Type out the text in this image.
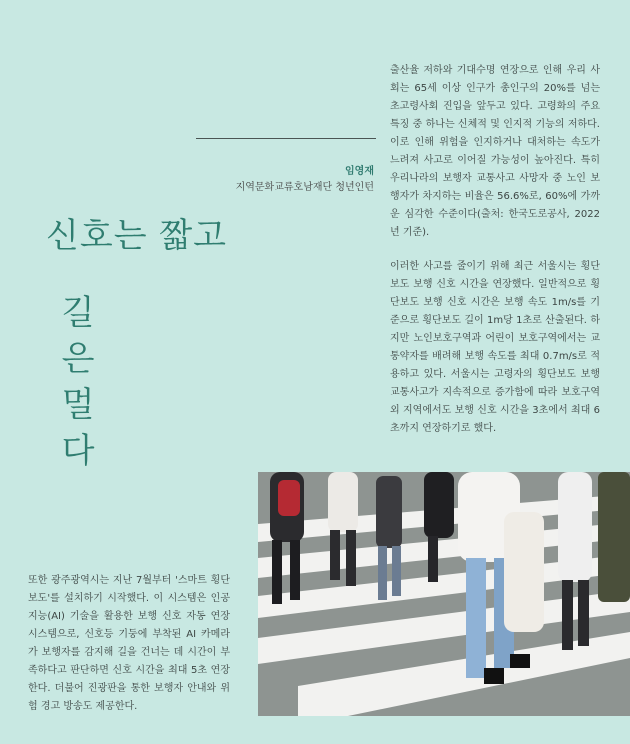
임영재
지역문화교류호남재단 청년인턴
신호는 짧고
길
은
멀
다

출산율 저하와 기대수명 연장으로 인해 우리 사회는 65세 이상 인구가 총인구의 20%를 넘는 초고령사회 진입을 앞두고 있다. 고령화의 주요 특징 중 하나는 신체적 및 인지적 기능의 저하다. 이로 인해 위험을 인지하거나 대처하는 속도가 느려져 사고로 이어질 가능성이 높아진다. 특히 우리나라의 보행자 교통사고 사망자 중 노인 보행자가 차지하는 비율은 56.6%로, 60%에 가까운 심각한 수준이다(출처: 한국도로공사, 2022년 기준).

이러한 사고를 줄이기 위해 최근 서울시는 횡단보도 보행 신호 시간을 연장했다. 일반적으로 횡단보도 보행 신호 시간은 보행 속도 1m/s를 기준으로 횡단보도 길이 1m당 1초로 산출된다. 하지만 노인보호구역과 어린이 보호구역에서는 교통약자를 배려해 보행 속도를 최대 0.7m/s로 적용하고 있다. 서울시는 고령자의 횡단보도 보행 교통사고가 지속적으로 증가함에 따라 보호구역 외 지역에서도 보행 신호 시간을 3초에서 최대 6초까지 연장하기로 했다.

또한 광주광역시는 지난 7월부터 '스마트 횡단보도'를 설치하기 시작했다. 이 시스템은 인공지능(AI) 기술을 활용한 보행 신호 자동 연장 시스템으로, 신호등 기둥에 부착된 AI 카메라가 보행자를 감지해 길을 건너는 데 시간이 부족하다고 판단하면 신호 시간을 최대 5초 연장한다. 더불어 진광판을 통한 보행자 안내와 위험 경고 방송도 제공한다.
